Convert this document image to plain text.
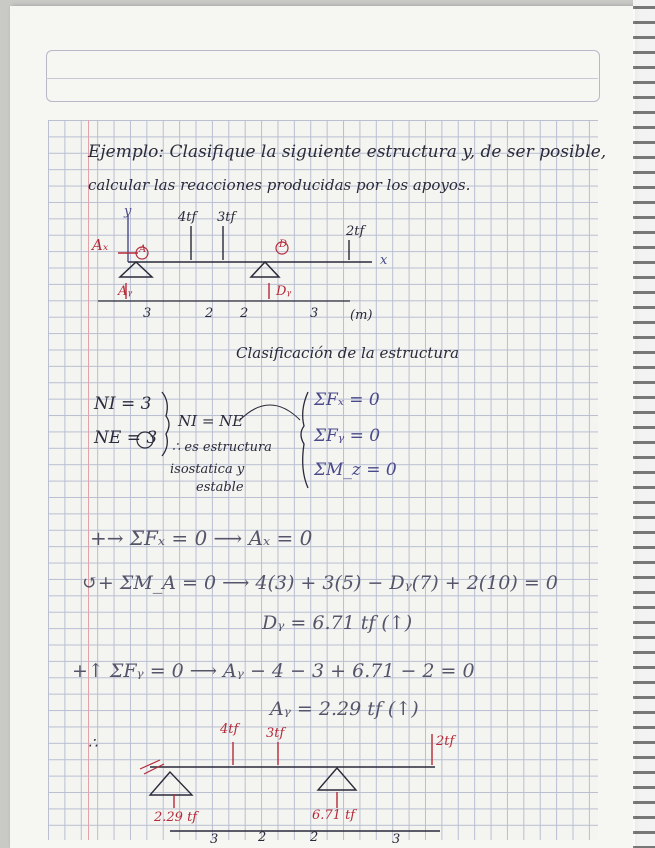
Ejemplo: Clasifique la siguiente estructura y, de ser posible,
calcular las reacciones producidas por los apoyos.
Aₓ
Aᵧ	Dᵧ
A	D
y
x
4tf 3tf
2tf
3	2 2	3 (m)
Clasificación de la estructura
NI = 3
NE = 3
NI = NE
∴ es estructura
isostatica y
estable
ΣFₓ = 0
ΣFᵧ = 0
ΣM_z = 0
+→ ΣFₓ = 0 ⟶ Aₓ = 0
↺+ ΣM_A = 0 ⟶ 4(3) + 3(5) − Dᵧ(7) + 2(10) = 0
Dᵧ = 6.71 tf (↑)
+↑ ΣFᵧ = 0 ⟶ Aᵧ − 4 − 3 + 6.71 − 2 = 0
Aᵧ = 2.29 tf (↑)
∴
4tf 3tf
2tf
2.29 tf	6.71 tf
3	2	2	3
